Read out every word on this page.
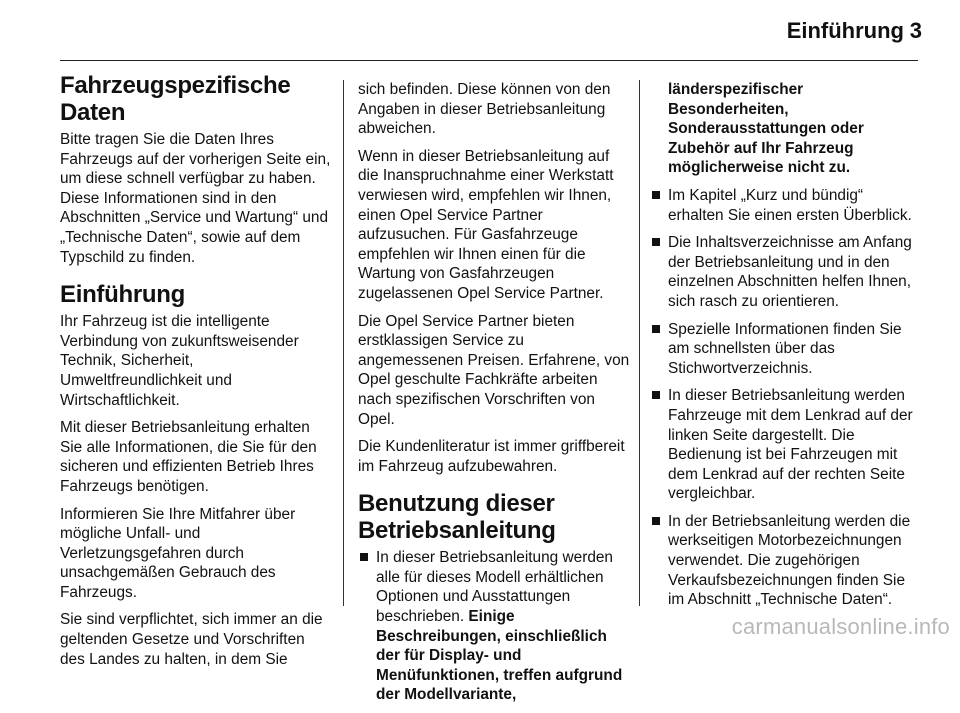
Einführung 3
Fahrzeugspezifische Daten

Bitte tragen Sie die Daten Ihres Fahrzeugs auf der vorherigen Seite ein, um diese schnell verfügbar zu haben. Diese Informationen sind in den Abschnitten „Service und Wartung“ und „Technische Daten“, sowie auf dem Typschild zu finden.

Einführung

Ihr Fahrzeug ist die intelligente Verbindung von zukunftsweisender Technik, Sicherheit, Umweltfreundlichkeit und Wirtschaftlichkeit.

Mit dieser Betriebsanleitung erhalten Sie alle Informationen, die Sie für den sicheren und effizienten Betrieb Ihres Fahrzeugs benötigen.

Informieren Sie Ihre Mitfahrer über mögliche Unfall- und Verletzungsgefahren durch unsachgemäßen Gebrauch des Fahrzeugs.

Sie sind verpflichtet, sich immer an die geltenden Gesetze und Vorschriften des Landes zu halten, in dem Sie

sich befinden. Diese können von den Angaben in dieser Betriebsanleitung abweichen.

Wenn in dieser Betriebsanleitung auf die Inanspruchnahme einer Werkstatt verwiesen wird, empfehlen wir Ihnen, einen Opel Service Partner aufzusuchen. Für Gasfahrzeuge empfehlen wir Ihnen einen für die Wartung von Gasfahrzeugen zugelassenen Opel Service Partner.

Die Opel Service Partner bieten erstklassigen Service zu angemessenen Preisen. Erfahrene, von Opel geschulte Fachkräfte arbeiten nach spezifischen Vorschriften von Opel.

Die Kundenliteratur ist immer griffbereit im Fahrzeug aufzubewahren.

Benutzung dieser Betriebsanleitung
In dieser Betriebsanleitung werden alle für dieses Modell erhältlichen Optionen und Ausstattungen beschrieben. Einige Beschreibungen, einschließlich der für Display- und Menüfunktionen, treffen aufgrund der Modellvariante,
länderspezifischer Besonderheiten, Sonderausstattungen oder Zubehör auf Ihr Fahrzeug möglicherweise nicht zu.
Im Kapitel „Kurz und bündig“ erhalten Sie einen ersten Überblick.
Die Inhaltsverzeichnisse am Anfang der Betriebsanleitung und in den einzelnen Abschnitten helfen Ihnen, sich rasch zu orientieren.
Spezielle Informationen finden Sie am schnellsten über das Stichwortverzeichnis.
In dieser Betriebsanleitung werden Fahrzeuge mit dem Lenkrad auf der linken Seite dargestellt. Die Bedienung ist bei Fahrzeugen mit dem Lenkrad auf der rechten Seite vergleichbar.
In der Betriebsanleitung werden die werkseitigen Motorbezeichnungen verwendet. Die zugehörigen Verkaufsbezeichnungen finden Sie im Abschnitt „Technische Daten“.
carmanualsonline.info
